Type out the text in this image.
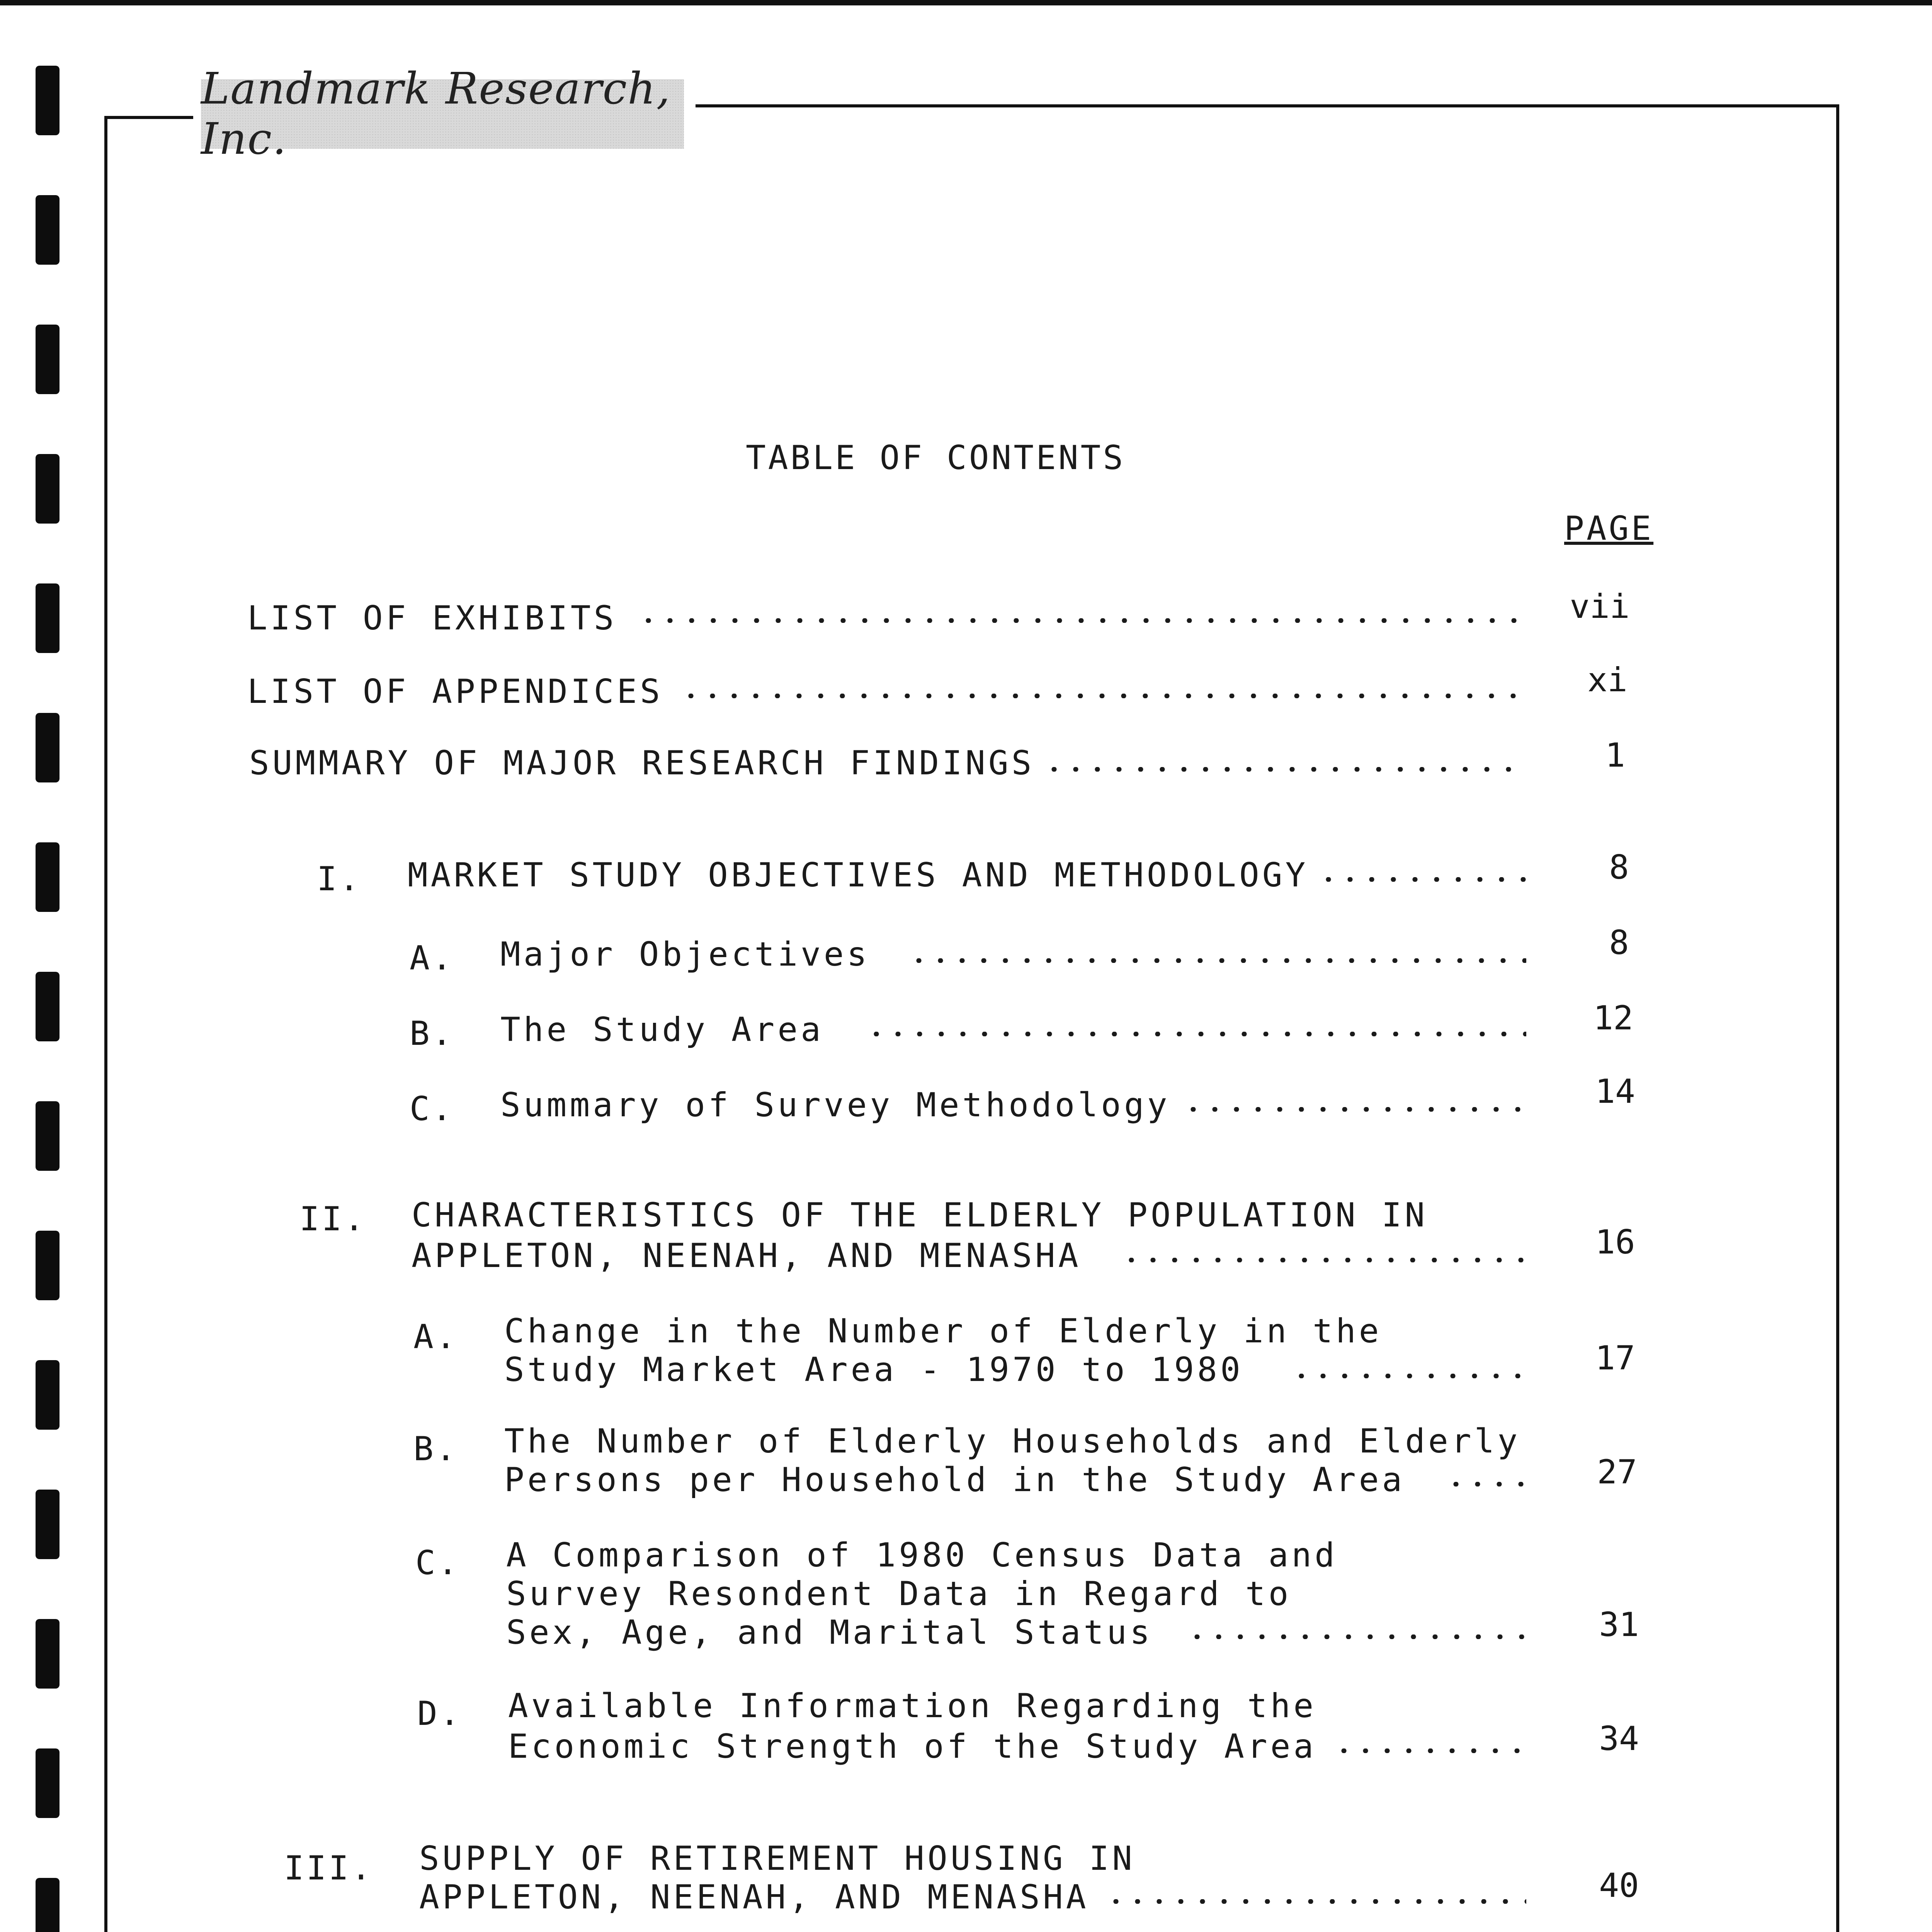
Landmark Research, Inc.
TABLE OF CONTENTS
PAGE
LIST OF EXHIBITS	vii
LIST OF APPENDICES	xi
SUMMARY OF MAJOR RESEARCH FINDINGS	1
I. MARKET STUDY OBJECTIVES AND METHODOLOGY	8
A. Major Objectives	8
B. The Study Area	12
C. Summary of Survey Methodology	14
II. CHARACTERISTICS OF THE ELDERLY POPULATION IN
APPLETON, NEENAH, AND MENASHA	16
A. Change in the Number of Elderly in the
Study Market Area - 1970 to 1980	17
B. The Number of Elderly Households and Elderly
Persons per Household in the Study Area	27
C. A Comparison of 1980 Census Data and
Survey Resondent Data in Regard to
Sex, Age, and Marital Status	31
D. Available Information Regarding the
Economic Strength of the Study Area	34
III. SUPPLY OF RETIREMENT HOUSING IN
APPLETON, NEENAH, AND MENASHA	40
